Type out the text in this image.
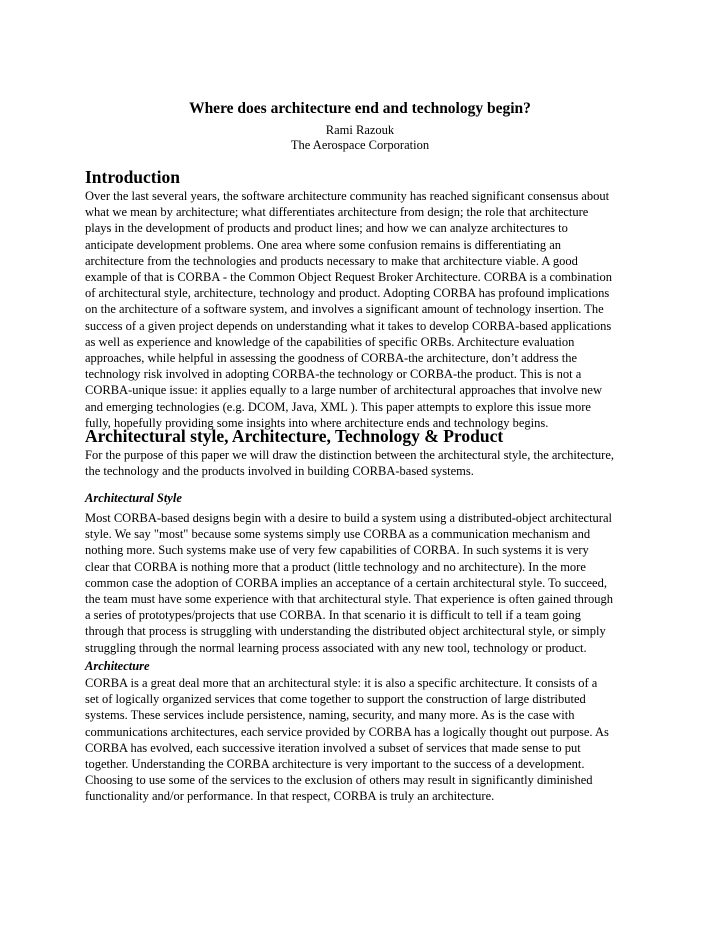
Where does architecture end and technology begin?
Rami Razouk
The Aerospace Corporation
Introduction
Over the last several years, the software architecture community has reached significant consensus about
what we mean by architecture; what differentiates architecture from design; the role that architecture
plays in the development of products and product lines; and how we can analyze architectures to
anticipate development problems. One area where some confusion remains is differentiating an
architecture from the technologies and products necessary to make that architecture viable. A good
example of that is CORBA - the Common Object Request Broker Architecture. CORBA is a combination
of architectural style, architecture, technology and product. Adopting CORBA has profound implications
on the architecture of a software system, and involves a significant amount of technology insertion. The
success of a given project depends on understanding what it takes to develop CORBA-based applications
as well as experience and knowledge of the capabilities of specific ORBs. Architecture evaluation
approaches, while helpful in assessing the goodness of CORBA-the architecture, don’t address the
technology risk involved in adopting CORBA-the technology or CORBA-the product. This is not a
CORBA-unique issue: it applies equally to a large number of architectural approaches that involve new
and emerging technologies (e.g. DCOM, Java, XML ). This paper attempts to explore this issue more
fully, hopefully providing some insights into where architecture ends and technology begins.
Architectural style, Architecture, Technology & Product
For the purpose of this paper we will draw the distinction between the architectural style, the architecture,
the technology and the products involved in building CORBA-based systems.
Architectural Style
Most CORBA-based designs begin with a desire to build a system using a distributed-object architectural
style. We say "most" because some systems simply use CORBA as a communication mechanism and
nothing more. Such systems make use of very few capabilities of CORBA. In such systems it is very
clear that CORBA is nothing more that a product (little technology and no architecture). In the more
common case the adoption of CORBA implies an acceptance of a certain architectural style. To succeed,
the team must have some experience with that architectural style. That experience is often gained through
a series of prototypes/projects that use CORBA. In that scenario it is difficult to tell if a team going
through that process is struggling with understanding the distributed object architectural style, or simply
struggling through the normal learning process associated with any new tool, technology or product.
Architecture
CORBA is a great deal more that an architectural style: it is also a specific architecture. It consists of a
set of logically organized services that come together to support the construction of large distributed
systems. These services include persistence, naming, security, and many more. As is the case with
communications architectures, each service provided by CORBA has a logically thought out purpose. As
CORBA has evolved, each successive iteration involved a subset of services that made sense to put
together. Understanding the CORBA architecture is very important to the success of a development.
Choosing to use some of the services to the exclusion of others may result in significantly diminished
functionality and/or performance. In that respect, CORBA is truly an architecture.
